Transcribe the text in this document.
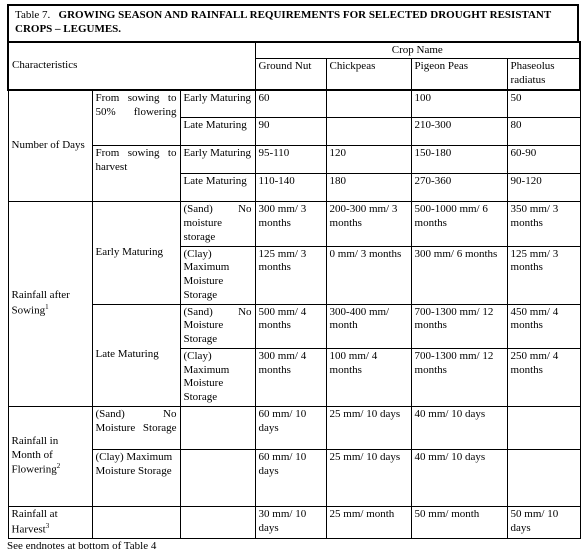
Table 7. GROWING SEASON AND RAINFALL REQUIREMENTS FOR SELECTED DROUGHT RESISTANT CROPS – LEGUMES.
Characteristics			Crop Name			
			Ground Nut	Chickpeas	Pigeon Peas	Phaseolus radiatus
Number of Days	From sowing to 50% flowering	Early Maturing	60		100	50
		Late Maturing	90		210-300	80
	From sowing to harvest	Early Maturing	95-110	120	150-180	60-90
		Late Maturing	110-140	180	270-360	90-120
Rainfall after Sowing$^1$	Early Maturing	(Sand) No moisture storage	300 mm/ 3 months	200-300 mm/ 3 months	500-1000 mm/ 6 months	350 mm/ 3 months
		(Clay) Maximum Moisture Storage	125 mm/ 3 months	0 mm/ 3 months	300 mm/ 6 months	125 mm/ 3 months
	Late Maturing	(Sand) No Moisture Storage	500 mm/ 4 months	300-400 mm/ month	700-1300 mm/ 12 months	450 mm/ 4 months
		(Clay) Maximum Moisture Storage	300 mm/ 4 months	100 mm/ 4 months	700-1300 mm/ 12 months	250 mm/ 4 months
Rainfall in Month of Flowering$^2$	(Sand) No Moisture Storage		60 mm/ 10 days	25 mm/ 10 days	40 mm/ 10 days	
	(Clay) Maximum Moisture Storage		60 mm/ 10 days	25 mm/ 10 days	40 mm/ 10 days	
Rainfall at Harvest$^3$			30 mm/ 10 days	25 mm/ month	50 mm/ month	50 mm/ 10 days
See endnotes at bottom of Table 4
